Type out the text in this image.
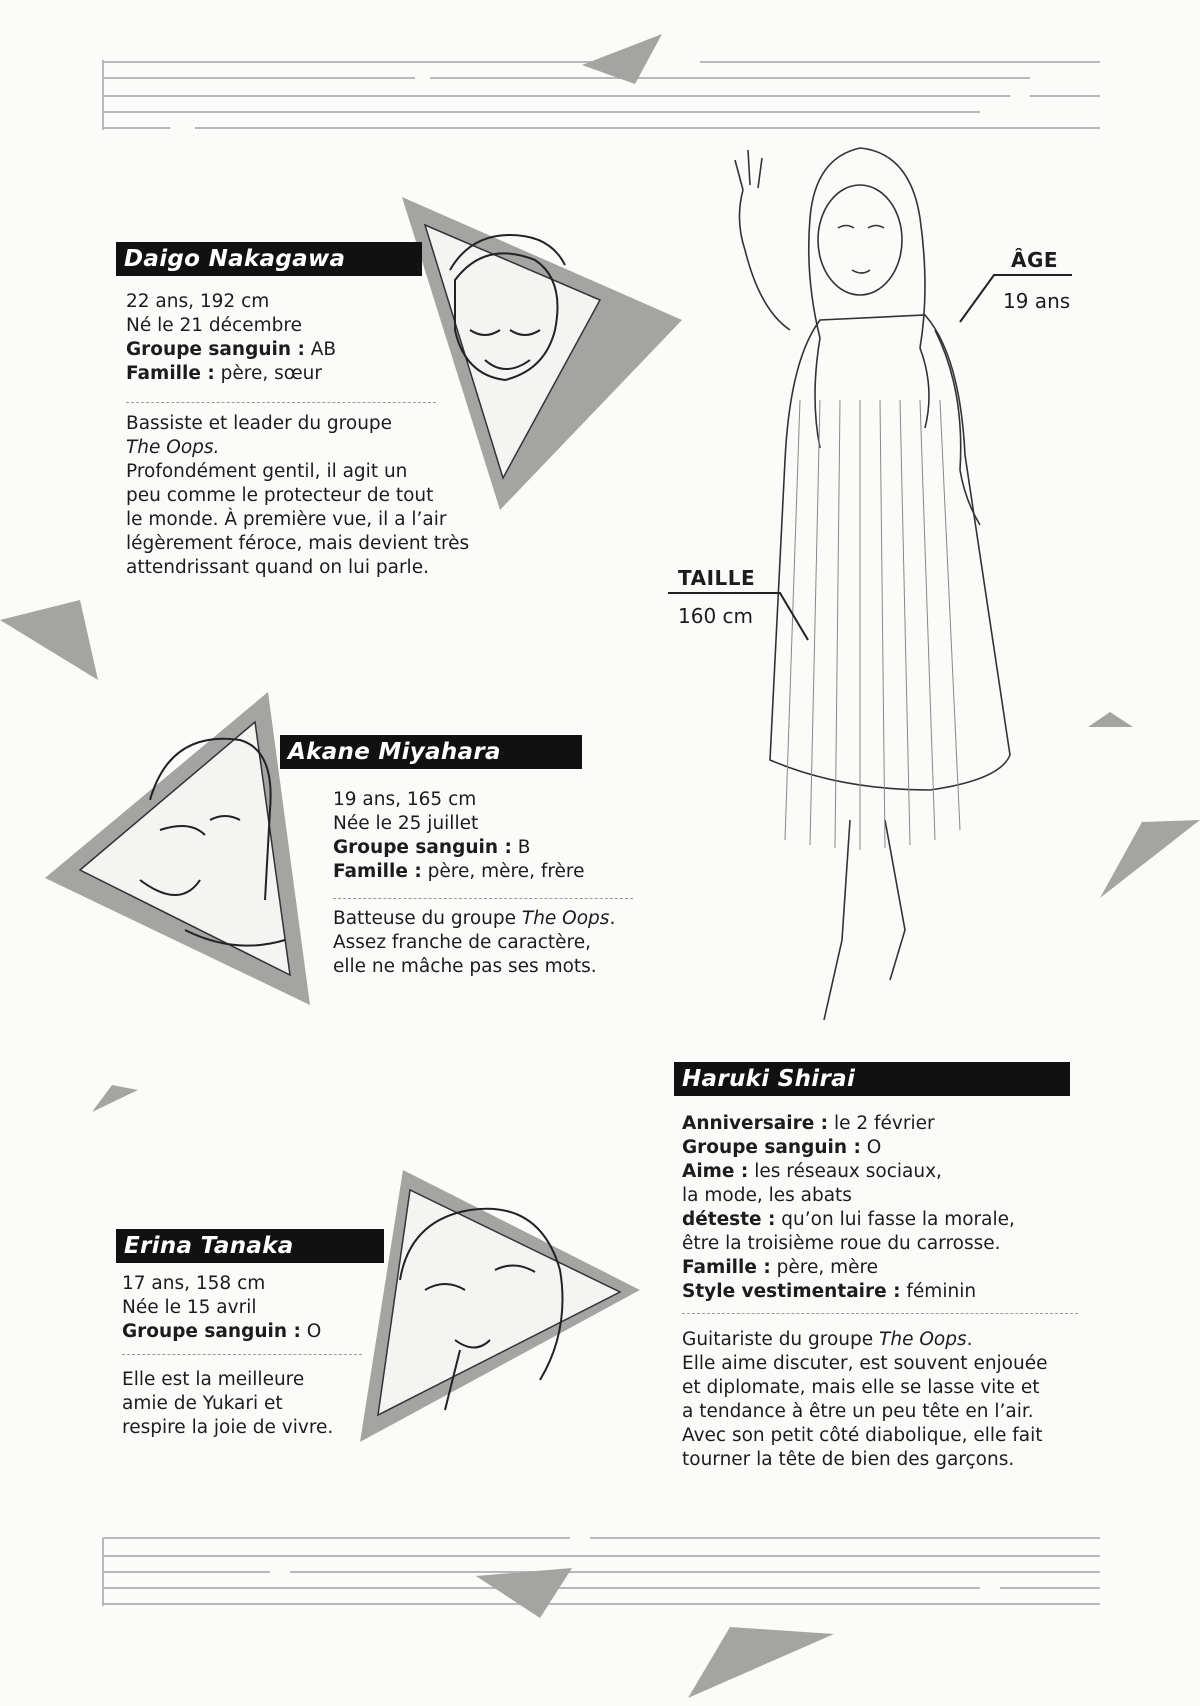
Daigo Nakagawa
22 ans, 192 cm
Né le 21 décembre
Groupe sanguin : AB
Famille : père, sœur
Bassiste et leader du groupe
The Oops.
Profondément gentil, il agit un
peu comme le protecteur de tout
le monde. À première vue, il a l’air
légèrement féroce, mais devient très
attendrissant quand on lui parle.
Akane Miyahara
19 ans, 165 cm
Née le 25 juillet
Groupe sanguin : B
Famille : père, mère, frère
Batteuse du groupe The Oops.
Assez franche de caractère,
elle ne mâche pas ses mots.
Erina Tanaka
17 ans, 158 cm
Née le 15 avril
Groupe sanguin : O
Elle est la meilleure
amie de Yukari et
respire la joie de vivre.
ÂGE
19 ans
TAILLE
160 cm
Haruki Shirai
Anniversaire : le 2 février
Groupe sanguin : O
Aime : les réseaux sociaux,
la mode, les abats
déteste : qu’on lui fasse la morale,
être la troisième roue du carrosse.
Famille : père, mère
Style vestimentaire : féminin
Guitariste du groupe The Oops.
Elle aime discuter, est souvent enjouée
et diplomate, mais elle se lasse vite et
a tendance à être un peu tête en l’air.
Avec son petit côté diabolique, elle fait
tourner la tête de bien des garçons.
